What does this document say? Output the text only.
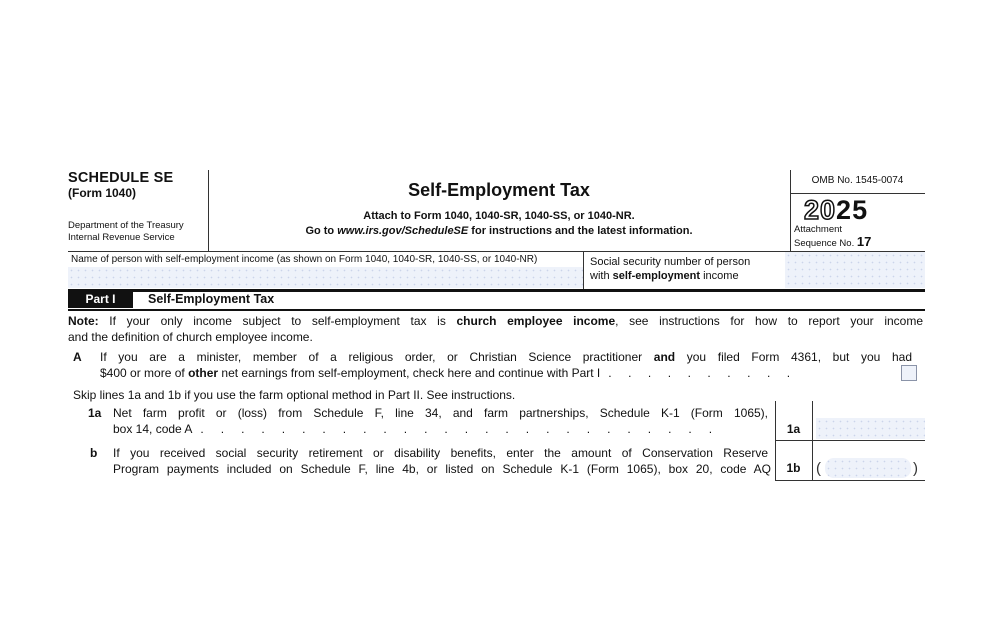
SCHEDULE SE
(Form 1040)
Department of the Treasury
Internal Revenue Service
Self-Employment Tax
Attach to Form 1040, 1040-SR, 1040-SS, or 1040-NR.
Go to www.irs.gov/ScheduleSE for instructions and the latest information.
OMB No. 1545-0074
2025
Attachment
Sequence No. 17
Name of person with self-employment income (as shown on Form 1040, 1040-SR, 1040-SS, or 1040-NR)	Social security number of person
with self-employment income
Part I	Self-Employment Tax
Note: If your only income subject to self-employment tax is church employee income, see instructions for how to report your income
and the definition of church employee income.
A If you are a minister, member of a religious order, or Christian Science practitioner and you filed Form 4361, but you had
$400 or more of other net earnings from self-employment, check here and continue with Part I ..........
Skip lines 1a and 1b if you use the farm optional method in Part II. See instructions.
1a Net farm profit or (loss) from Schedule F, line 34, and farm partnerships, Schedule K-1 (Form 1065),
box 14, code A ..........................	1a
b If you received social security retirement or disability benefits, enter the amount of Conservation Reserve
Program payments included on Schedule F, line 4b, or listed on Schedule K-1 (Form 1065), box 20, code AQ	1b	(	)
